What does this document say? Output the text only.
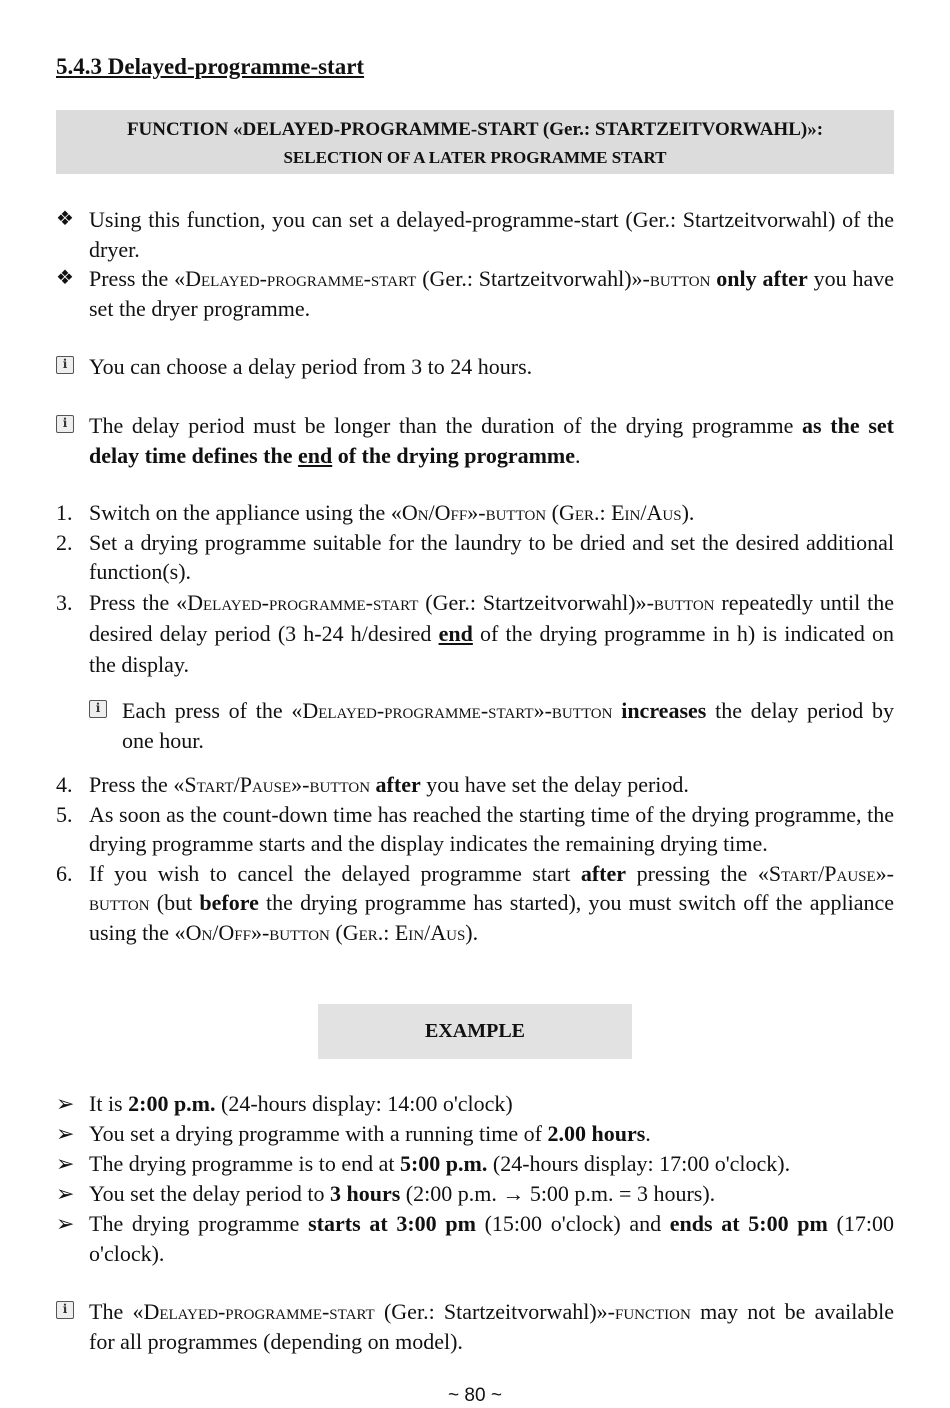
5.4.3 Delayed-programme-start
FUNCTION «DELAYED-PROGRAMME-START (Ger.: STARTZEITVORWAHL)»:
SELECTION OF A LATER PROGRAMME START
❖ Using this function, you can set a delayed-programme-start (Ger.: Startzeitvorwahl) of the dryer.
❖ Press the «Delayed-programme-start (Ger.: Startzeitvorwahl)»-button only after you have set the dryer programme.
i You can choose a delay period from 3 to 24 hours.
i The delay period must be longer than the duration of the drying programme as the set delay time defines the end of the drying programme.
1. Switch on the appliance using the «On/Off»-button (Ger.: Ein/Aus).
2. Set a drying programme suitable for the laundry to be dried and set the desired additional function(s).
3. Press the «Delayed-programme-start (Ger.: Startzeitvorwahl)»-button repeatedly until the desired delay period (3 h-24 h/desired end of the drying programme in h) is indicated on the display.
i Each press of the «Delayed-programme-start»-button increases the delay period by one hour.
4. Press the «Start/Pause»-button after you have set the delay period.
5. As soon as the count-down time has reached the starting time of the drying programme, the drying programme starts and the display indicates the remaining drying time.
6. If you wish to cancel the delayed programme start after pressing the «Start/Pause»-button (but before the drying programme has started), you must switch off the appliance using the «On/Off»-button (Ger.: Ein/Aus).
EXAMPLE
➢ It is 2:00 p.m. (24-hours display: 14:00 o'clock)
➢ You set a drying programme with a running time of 2.00 hours.
➢ The drying programme is to end at 5:00 p.m. (24-hours display: 17:00 o'clock).
➢ You set the delay period to 3 hours (2:00 p.m. → 5:00 p.m. = 3 hours).
➢ The drying programme starts at 3:00 pm (15:00 o'clock) and ends at 5:00 pm (17:00 o'clock).
i The «Delayed-programme-start (Ger.: Startzeitvorwahl)»-function may not be available for all programmes (depending on model).
~ 80 ~
